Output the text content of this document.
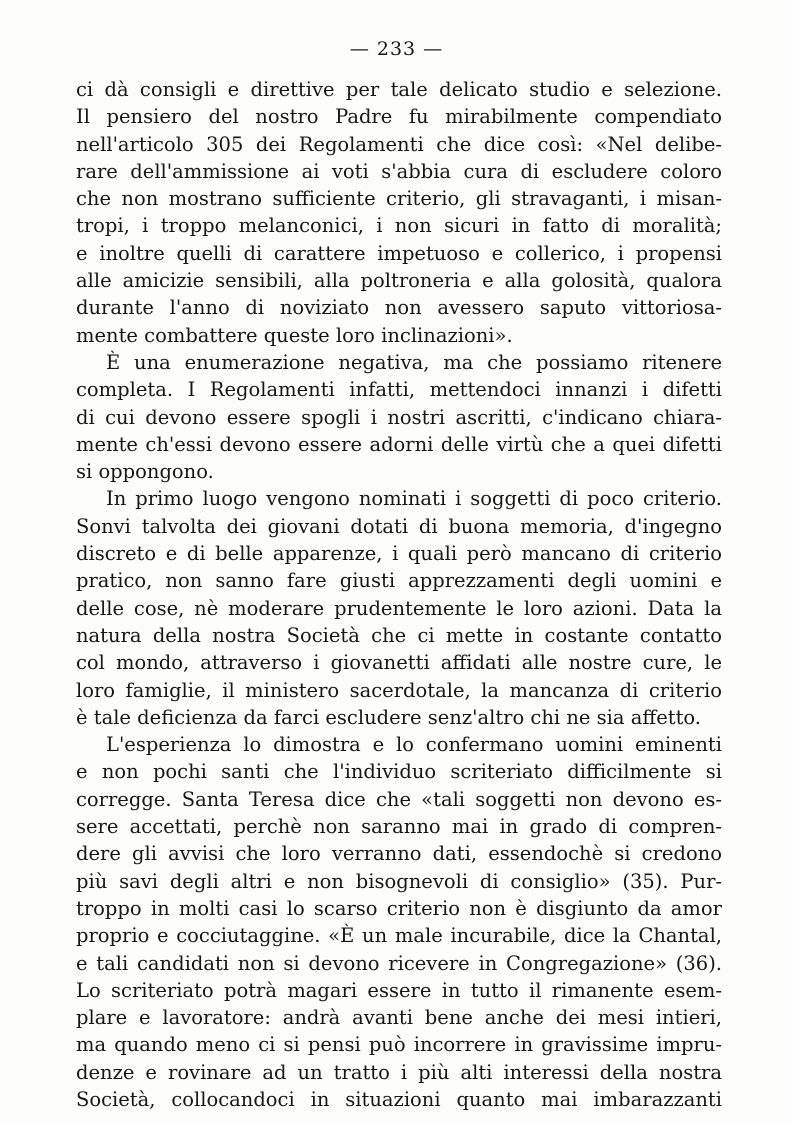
— 233 —
ci dà consigli e direttive per tale delicato studio e selezione.
Il pensiero del nostro Padre fu mirabilmente compendiato
nell'articolo 305 dei Regolamenti che dice così: «Nel delibe-
rare dell'ammissione ai voti s'abbia cura di escludere coloro
che non mostrano sufficiente criterio, gli stravaganti, i misan-
tropi, i troppo melanconici, i non sicuri in fatto di moralità;
e inoltre quelli di carattere impetuoso e collerico, i propensi
alle amicizie sensibili, alla poltroneria e alla golosità, qualora
durante l'anno di noviziato non avessero saputo vittoriosa-
mente combattere queste loro inclinazioni».
È una enumerazione negativa, ma che possiamo ritenere
completa. I Regolamenti infatti, mettendoci innanzi i difetti
di cui devono essere spogli i nostri ascritti, c'indicano chiara-
mente ch'essi devono essere adorni delle virtù che a quei difetti
si oppongono.
In primo luogo vengono nominati i soggetti di poco criterio.
Sonvi talvolta dei giovani dotati di buona memoria, d'ingegno
discreto e di belle apparenze, i quali però mancano di criterio
pratico, non sanno fare giusti apprezzamenti degli uomini e
delle cose, nè moderare prudentemente le loro azioni. Data la
natura della nostra Società che ci mette in costante contatto
col mondo, attraverso i giovanetti affidati alle nostre cure, le
loro famiglie, il ministero sacerdotale, la mancanza di criterio
è tale deficienza da farci escludere senz'altro chi ne sia affetto.
L'esperienza lo dimostra e lo confermano uomini eminenti
e non pochi santi che l'individuo scriteriato difficilmente si
corregge. Santa Teresa dice che «tali soggetti non devono es-
sere accettati, perchè non saranno mai in grado di compren-
dere gli avvisi che loro verranno dati, essendochè si credono
più savi degli altri e non bisognevoli di consiglio» (35). Pur-
troppo in molti casi lo scarso criterio non è disgiunto da amor
proprio e cocciutaggine. «È un male incurabile, dice la Chantal,
e tali candidati non si devono ricevere in Congregazione» (36).
Lo scriteriato potrà magari essere in tutto il rimanente esem-
plare e lavoratore: andrà avanti bene anche dei mesi intieri,
ma quando meno ci si pensi può incorrere in gravissime impru-
denze e rovinare ad un tratto i più alti interessi della nostra
Società, collocandoci in situazioni quanto mai imbarazzanti
